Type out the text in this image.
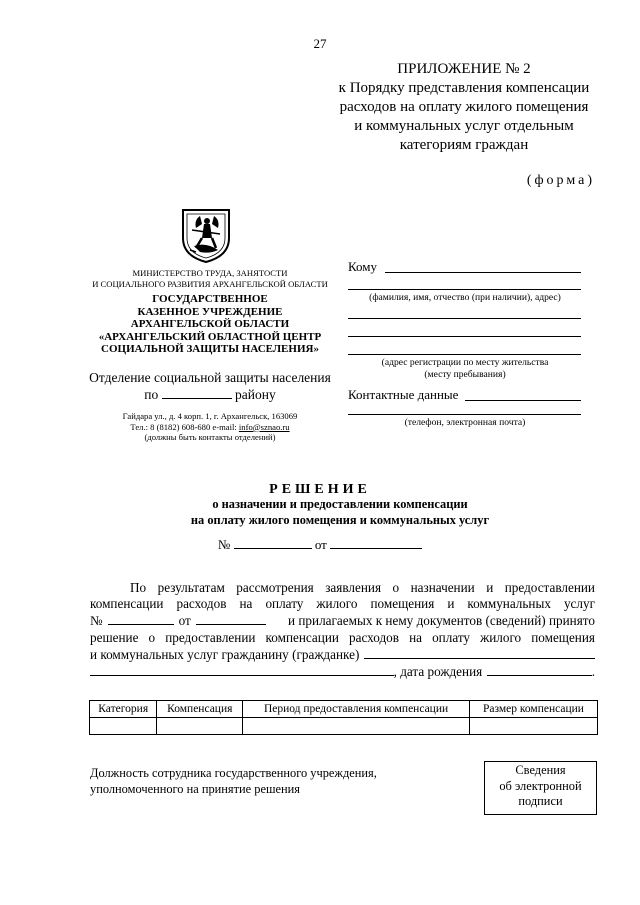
27
ПРИЛОЖЕНИЕ № 2
к Порядку представления компенсации
расходов на оплату жилого помещения
и коммунальных услуг отдельным
категориям граждан
(форма)
МИНИСТЕРСТВО ТРУДА, ЗАНЯТОСТИ
И СОЦИАЛЬНОГО РАЗВИТИЯ АРХАНГЕЛЬСКОЙ ОБЛАСТИ
ГОСУДАРСТВЕННОЕ
КАЗЕННОЕ УЧРЕЖДЕНИЕ
АРХАНГЕЛЬСКОЙ ОБЛАСТИ
«АРХАНГЕЛЬСКИЙ ОБЛАСТНОЙ ЦЕНТР
СОЦИАЛЬНОЙ ЗАЩИТЫ НАСЕЛЕНИЯ»
Отделение социальной защиты населения
по	району
Гайдара ул., д. 4 корп. 1, г. Архангельск, 163069
Тел.: 8 (8182) 608-680 e-mail: info@sznao.ru
(должны быть контакты отделений)
Кому
(фамилия, имя, отчество (при наличии), адрес)
(адрес регистрации по месту жительства
(месту пребывания)
Контактные данные
(телефон, электронная почта)
РЕШЕНИЕ
о назначении и предоставлении компенсации
на оплату жилого помещения и коммунальных услуг
№	от
По результатам рассмотрения заявления о назначении и предоставлении
компенсации расходов на оплату жилого помещения и коммунальных услуг
№	от	и прилагаемых к нему документов (сведений) принято
решение о предоставлении компенсации расходов на оплату жилого помещения
и коммунальных услуг гражданину (гражданке)
, дата рождения	.
Категория	Компенсация	Период предоставления компенсации	Размер компенсации

Должность сотрудника государственного учреждения,
уполномоченного на принятие решения
Сведения
об электронной
подписи
